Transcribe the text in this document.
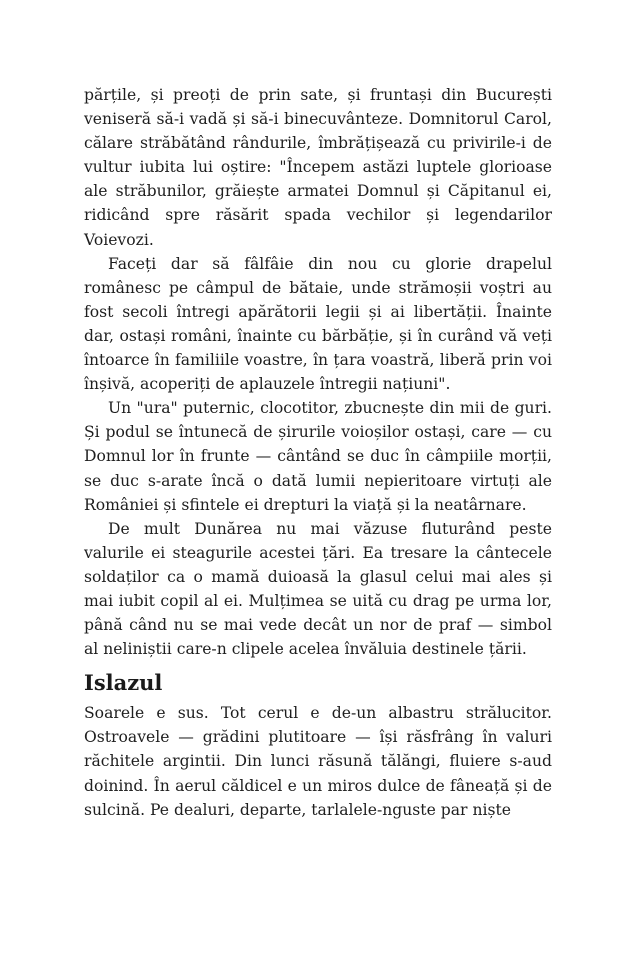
părțile, și preoți de prin sate, și fruntași din București veniseră să-i vadă și să-i binecuvânteze. Domnitorul Carol, călare străbătând rândurile, îmbrățișează cu privirile-i de vultur iubita lui oștire: "Începem astăzi luptele glorioase ale străbunilor, grăiește armatei Domnul și Căpitanul ei, ridicând spre răsărit spada vechilor și legendarilor Voievozi.

Faceți dar să fâlfâie din nou cu glorie drapelul românesc pe câmpul de bătaie, unde strămoșii voștri au fost secoli întregi apărătorii legii și ai libertății. Înainte dar, ostași români, înainte cu bărbăție, și în curând vă veți întoarce în familiile voastre, în țara voastră, liberă prin voi înșivă, acoperiți de aplauzele întregii națiuni".

Un "ura" puternic, clocotitor, zbucnește din mii de guri. Și podul se întunecă de șirurile voioșilor ostași, care — cu Domnul lor în frunte — cântând se duc în câmpiile morții, se duc s-arate încă o dată lumii nepieritoare virtuți ale României și sfintele ei drepturi la viață și la neatârnare.

De mult Dunărea nu mai văzuse fluturând peste valurile ei steagurile acestei țări. Ea tresare la cântecele soldaților ca o mamă duioasă la glasul celui mai ales și mai iubit copil al ei. Mulțimea se uită cu drag pe urma lor, până când nu se mai vede decât un nor de praf — simbol al neliniștii care-n clipele acelea învăluia destinele țării.

Islazul

Soarele e sus. Tot cerul e de-un albastru strălucitor. Ostroavele — grădini plutitoare — își răsfrâng în valuri răchitele argintii. Din lunci răsună tălăngi, fluiere s-aud doinind. În aerul căldicel e un miros dulce de fâneață și de sulcină. Pe dealuri, departe, tarlalele-nguste par niște
